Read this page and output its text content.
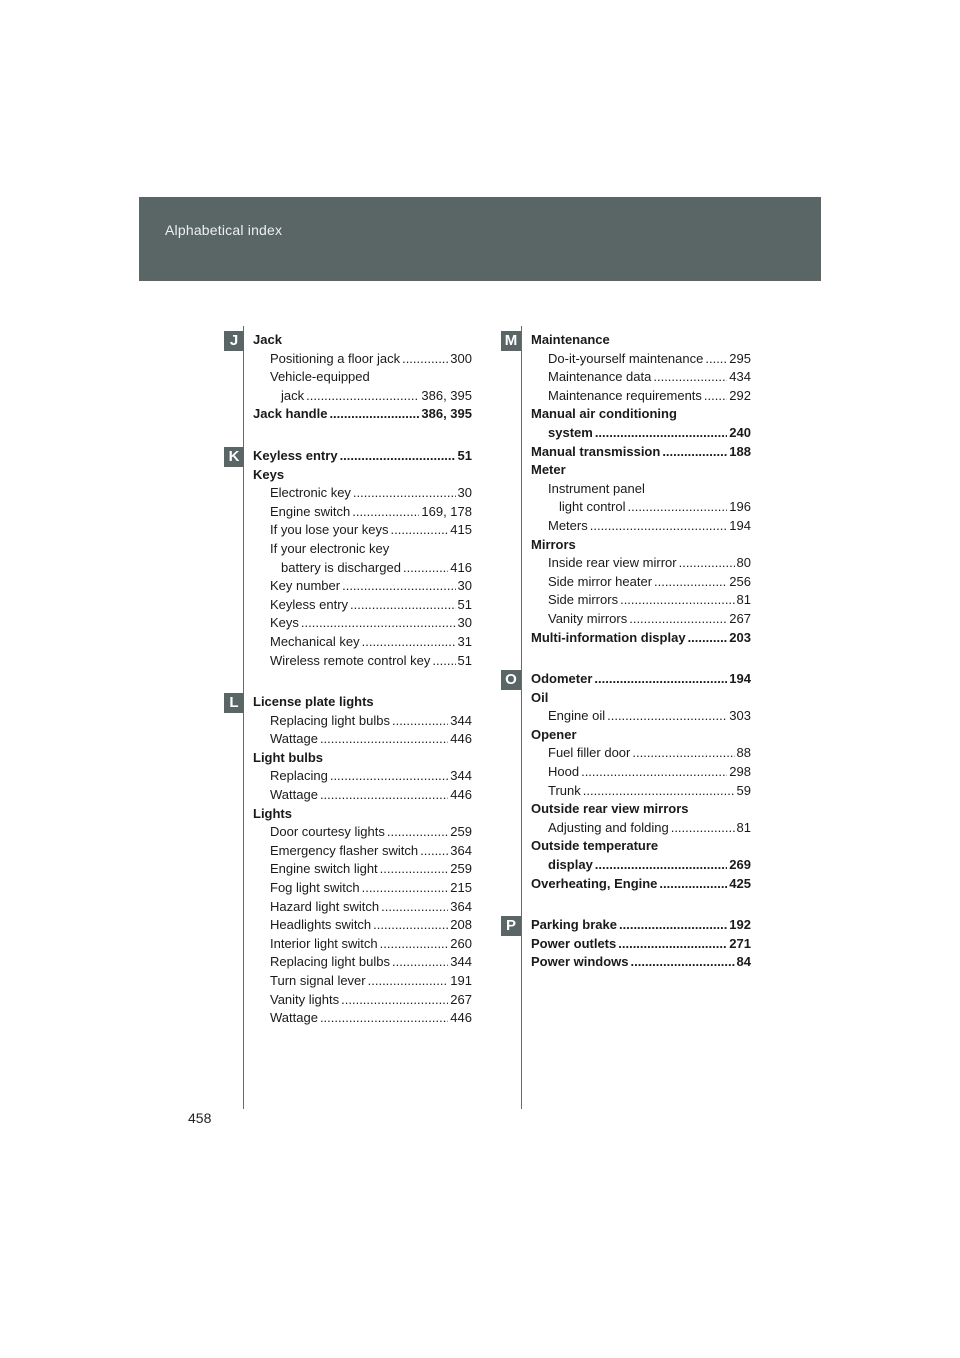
Alphabetical index
Jack
Positioning a floor jack .....	300
Vehicle-equipped
jack .....	386, 395
Jack handle .....	386, 395
Keyless entry .....	51
Keys
Electronic key .....	30
Engine switch .....	169, 178
If you lose your keys .....	415
If your electronic key
battery is discharged .....	416
Key number .....	30
Keyless entry .....	51
Keys .....	30
Mechanical key .....	31
Wireless remote control key ..... 51
License plate lights
Replacing light bulbs .....	344
Wattage .....	446
Light bulbs
Replacing .....	344
Wattage .....	446
Lights
Door courtesy lights .....	259
Emergency flasher switch ..... 364
Engine switch light .....	259
Fog light switch .....	215
Hazard light switch .....	364
Headlights switch .....	208
Interior light switch .....	260
Replacing light bulbs .....	344
Turn signal lever .....	191
Vanity lights .....	267
Wattage .....	446
Maintenance
Do-it-yourself maintenance ..... 295
Maintenance data .....	434
Maintenance requirements ..... 292
Manual air conditioning
system .....	240
Manual transmission .....	188
Meter
Instrument panel
light control .....	196
Meters .....	194
Mirrors
Inside rear view mirror .....	80
Side mirror heater .....	256
Side mirrors .....	81
Vanity mirrors .....	267
Multi-information display .....	203
Odometer .....	194
Oil
Engine oil .....	303
Opener
Fuel filler door .....	88
Hood .....	298
Trunk .....	59
Outside rear view mirrors
Adjusting and folding .....	81
Outside temperature
display .....	269
Overheating, Engine .....	425
Parking brake .....	192
Power outlets .....	271
Power windows .....	84
458
J
K
L
M
O
P
